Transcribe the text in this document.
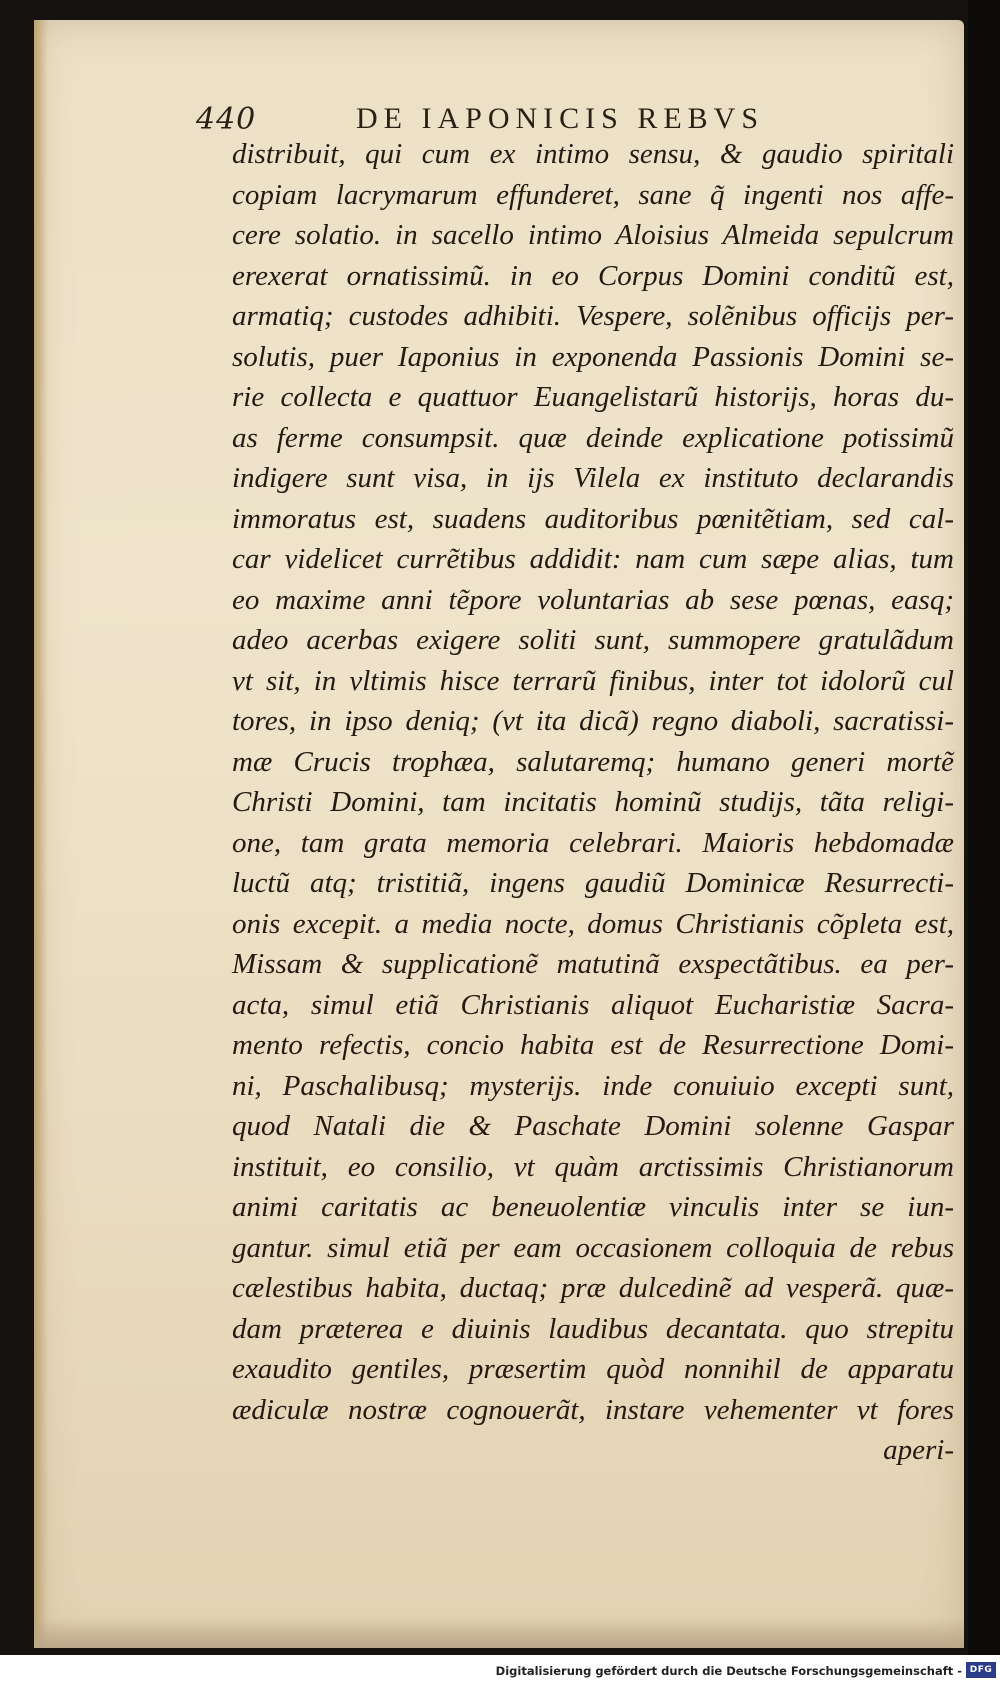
440	DE IAPONICIS REBVS
distribuit, qui cum ex intimo sensu, & gaudio spiritali
copiam lacrymarum effunderet, sane q̃ ingenti nos affe-
cere solatio. in sacello intimo Aloisius Almeida sepulcrum
erexerat ornatissimũ. in eo Corpus Domini conditũ est,
armatiq; custodes adhibiti. Vespere, solẽnibus officijs per-
solutis, puer Iaponius in exponenda Passionis Domini se-
rie collecta e quattuor Euangelistarũ historijs, horas du-
as ferme consumpsit. quæ deinde explicatione potissimũ
indigere sunt visa, in ijs Vilela ex instituto declarandis
immoratus est, suadens auditoribus pœnitẽtiam, sed cal-
car videlicet currẽtibus addidit: nam cum sæpe alias, tum
eo maxime anni tẽpore voluntarias ab sese pœnas, easq;
adeo acerbas exigere soliti sunt, summopere gratulãdum
vt sit, in vltimis hisce terrarũ finibus, inter tot idolorũ cul
tores, in ipso deniq; (vt ita dicã) regno diaboli, sacratissi-
mæ Crucis trophæa, salutaremq; humano generi mortẽ
Christi Domini, tam incitatis hominũ studijs, tãta religi-
one, tam grata memoria celebrari. Maioris hebdomadæ
luctũ atq; tristitiã, ingens gaudiũ Dominicæ Resurrecti-
onis excepit. a media nocte, domus Christianis cõpleta est,
Missam & supplicationẽ matutinã exspectãtibus. ea per-
acta, simul etiã Christianis aliquot Eucharistiæ Sacra-
mento refectis, concio habita est de Resurrectione Domi-
ni, Paschalibusq; mysterijs. inde conuiuio excepti sunt,
quod Natali die & Paschate Domini solenne Gaspar
instituit, eo consilio, vt quàm arctissimis Christianorum
animi caritatis ac beneuolentiæ vinculis inter se iun-
gantur. simul etiã per eam occasionem colloquia de rebus
cælestibus habita, ductaq; præ dulcedinẽ ad vesperã. quæ-
dam præterea e diuinis laudibus decantata. quo strepitu
exaudito gentiles, præsertim quòd nonnihil de apparatu
ædiculæ nostræ cognouerãt, instare vehementer vt fores
aperi-
Digitalisierung gefördert durch die Deutsche Forschungsgemeinschaft - DFG
